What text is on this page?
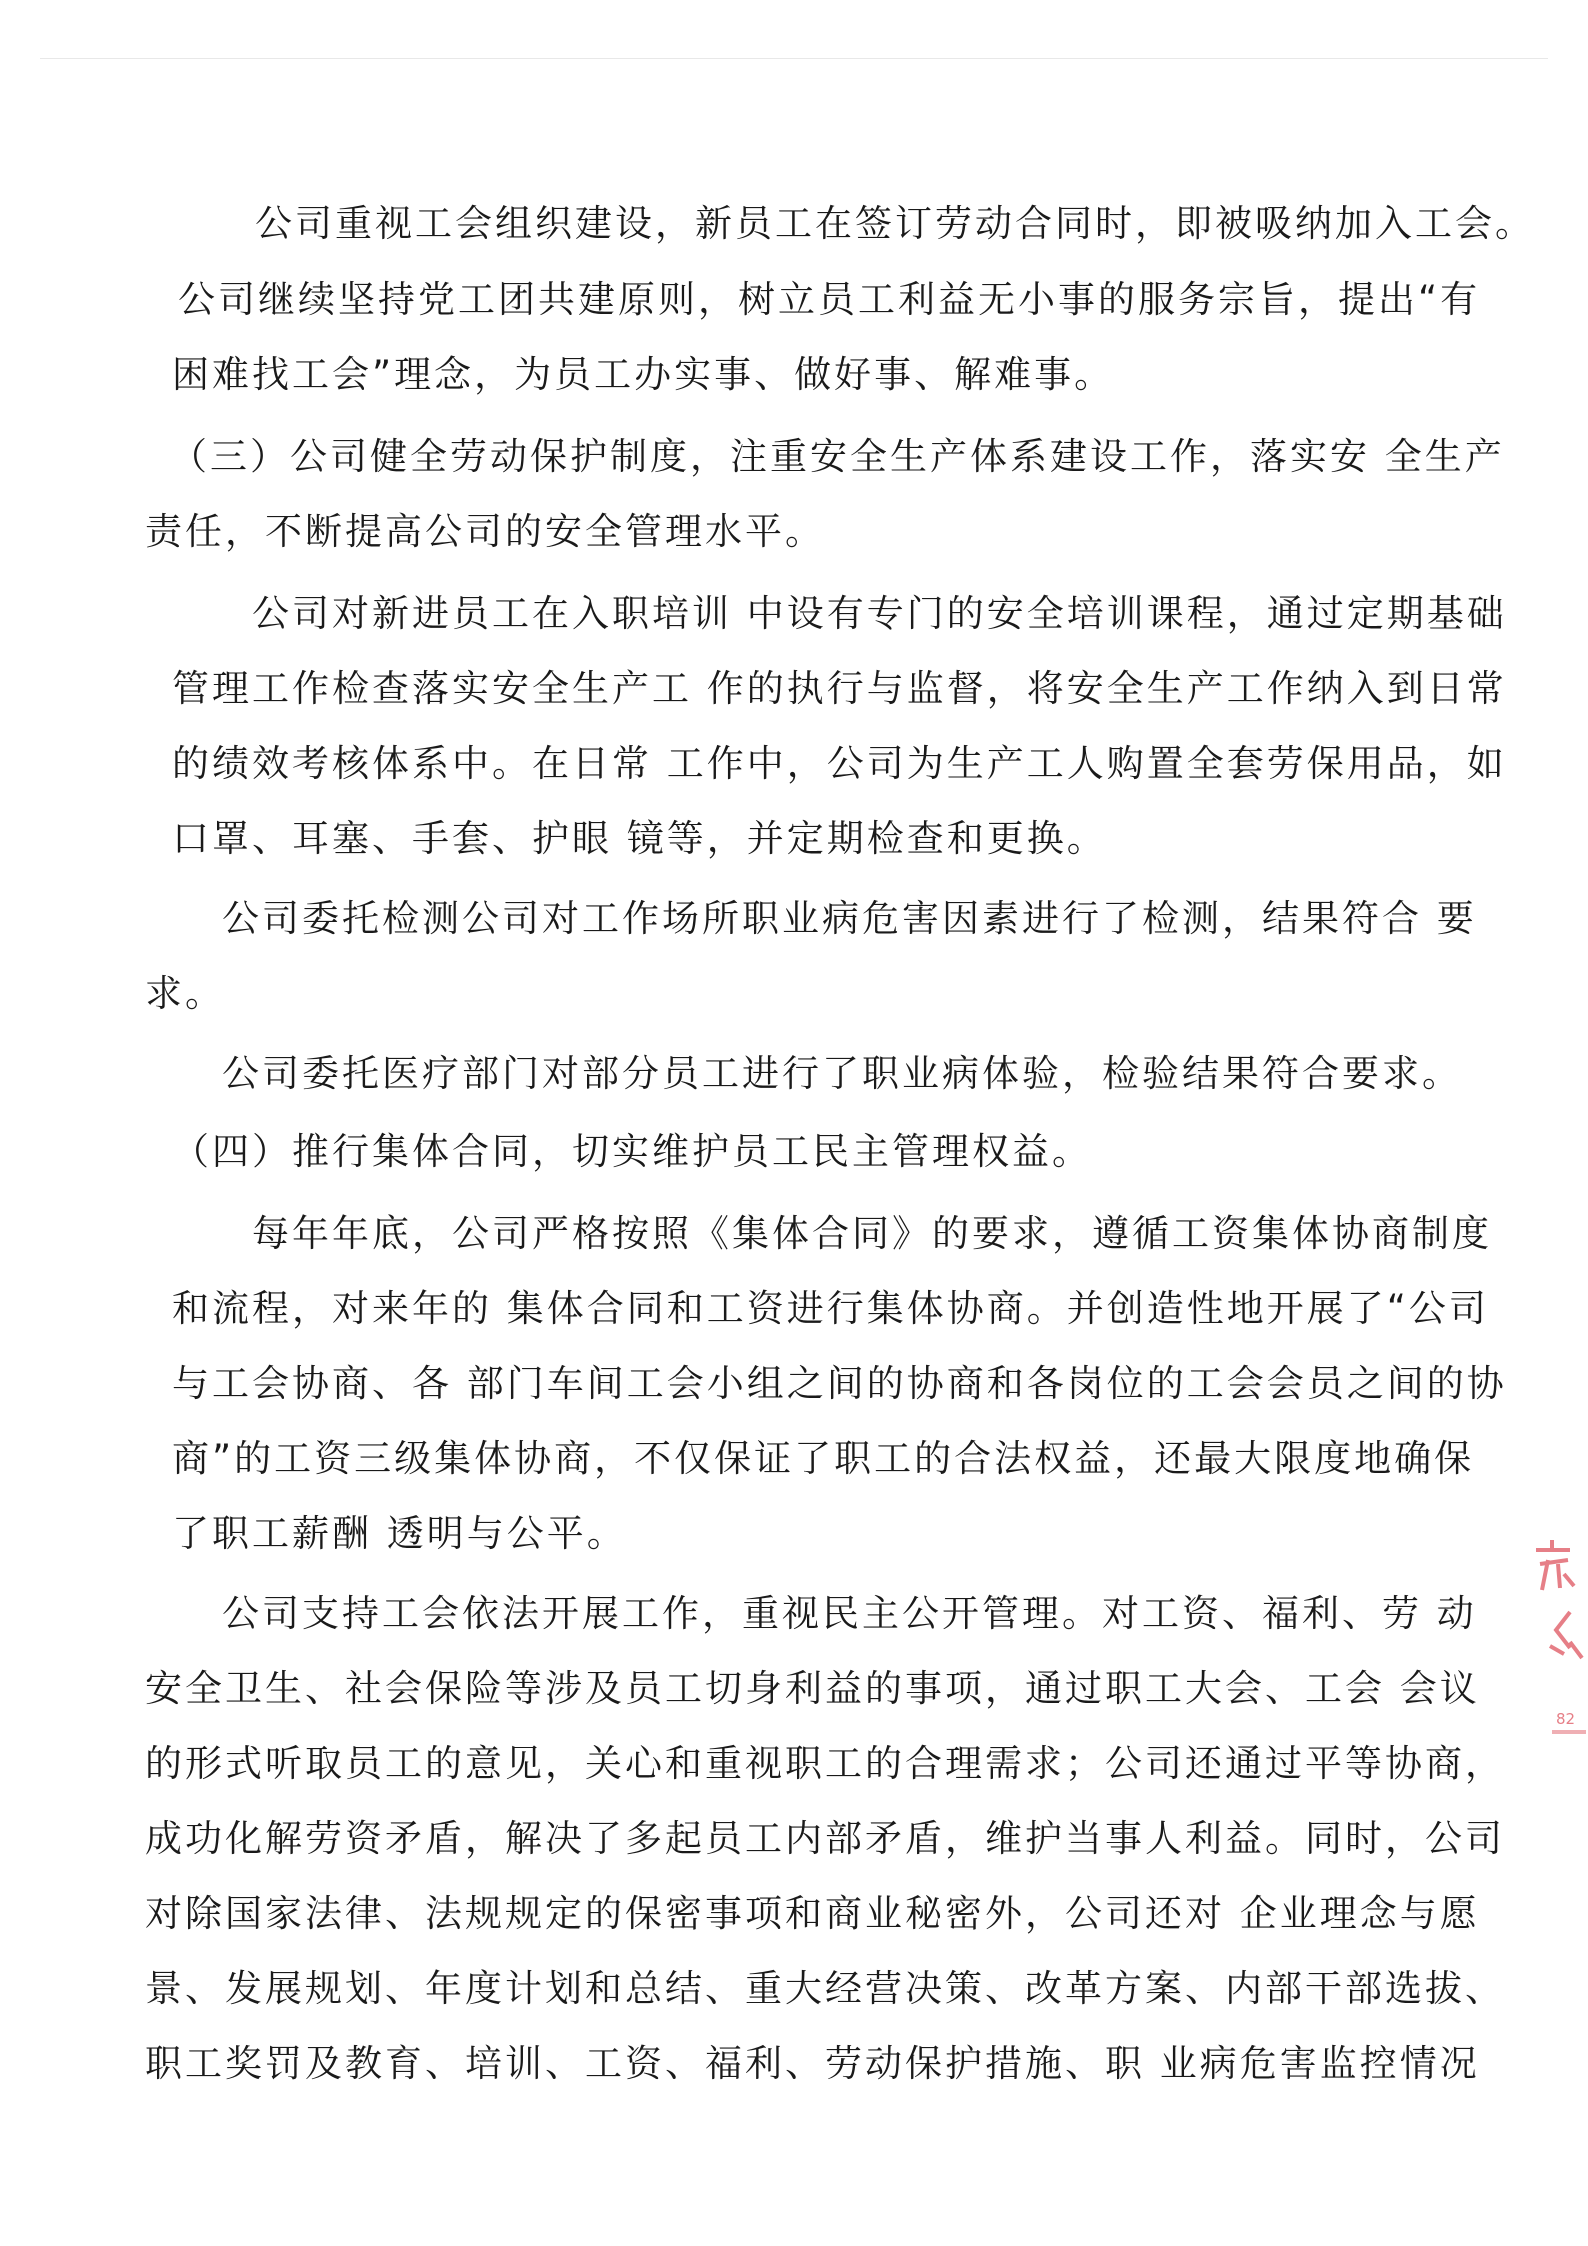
公司重视工会组织建设，新员工在签订劳动合同时，即被吸纳加入工会。

公司继续坚持党工团共建原则，树立员工利益无小事的服务宗旨，提出“有

困难找工会”理念，为员工办实事、做好事、解难事。

（三）公司健全劳动保护制度，注重安全生产体系建设工作，落实安 全生产

责任，不断提高公司的安全管理水平。

公司对新进员工在入职培训 中设有专门的安全培训课程，通过定期基础

管理工作检查落实安全生产工 作的执行与监督，将安全生产工作纳入到日常

的绩效考核体系中。在日常 工作中，公司为生产工人购置全套劳保用品，如

口罩、耳塞、手套、护眼 镜等，并定期检查和更换。

公司委托检测公司对工作场所职业病危害因素进行了检测，结果符合 要

求。

公司委托医疗部门对部分员工进行了职业病体验，检验结果符合要求。

（四）推行集体合同，切实维护员工民主管理权益。

每年年底，公司严格按照《集体合同》的要求，遵循工资集体协商制度

和流程，对来年的 集体合同和工资进行集体协商。并创造性地开展了“公司

与工会协商、各 部门车间工会小组之间的协商和各岗位的工会会员之间的协

商”的工资三级集体协商，不仅保证了职工的合法权益，还最大限度地确保

了职工薪酬 透明与公平。

公司支持工会依法开展工作，重视民主公开管理。对工资、福利、劳 动

安全卫生、社会保险等涉及员工切身利益的事项，通过职工大会、工会 会议

的形式听取员工的意见，关心和重视职工的合理需求；公司还通过平等协商，

成功化解劳资矛盾，解决了多起员工内部矛盾，维护当事人利益。同时，公司

对除国家法律、法规规定的保密事项和商业秘密外，公司还对 企业理念与愿

景、发展规划、年度计划和总结、重大经营决策、改革方案、内部干部选拔、

职工奖罚及教育、培训、工资、福利、劳动保护措施、职 业病危害监控情况

82
